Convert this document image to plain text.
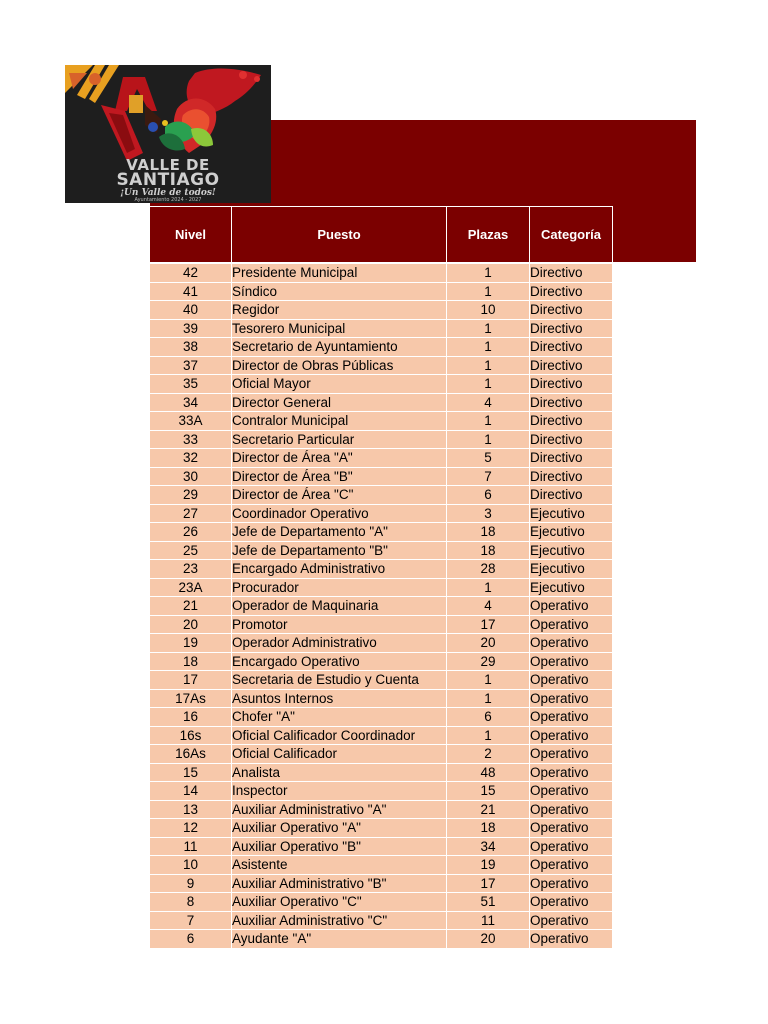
VALLE DE
SANTIAGO
¡Un Valle de todos!
Ayuntamiento 2024 - 2027
Nivel	Puesto	Plazas	Categoría
42	Presidente Municipal	1	Directivo
41	Síndico	1	Directivo
40	Regidor	10	Directivo
39	Tesorero Municipal	1	Directivo
38	Secretario de Ayuntamiento	1	Directivo
37	Director de Obras Públicas	1	Directivo
35	Oficial Mayor	1	Directivo
34	Director General	4	Directivo
33A	Contralor Municipal	1	Directivo
33	Secretario Particular	1	Directivo
32	Director de Área "A"	5	Directivo
30	Director de Área "B"	7	Directivo
29	Director de Área "C"	6	Directivo
27	Coordinador Operativo	3	Ejecutivo
26	Jefe de Departamento "A"	18	Ejecutivo
25	Jefe de Departamento "B"	18	Ejecutivo
23	Encargado Administrativo	28	Ejecutivo
23A	Procurador	1	Ejecutivo
21	Operador de Maquinaria	4	Operativo
20	Promotor	17	Operativo
19	Operador Administrativo	20	Operativo
18	Encargado Operativo	29	Operativo
17	Secretaria de Estudio y Cuenta	1	Operativo
17As	Asuntos Internos	1	Operativo
16	Chofer "A"	6	Operativo
16s	Oficial Calificador Coordinador	1	Operativo
16As	Oficial Calificador	2	Operativo
15	Analista	48	Operativo
14	Inspector	15	Operativo
13	Auxiliar Administrativo "A"	21	Operativo
12	Auxiliar Operativo "A"	18	Operativo
11	Auxiliar Operativo "B"	34	Operativo
10	Asistente	19	Operativo
9	Auxiliar Administrativo "B"	17	Operativo
8	Auxiliar Operativo "C"	51	Operativo
7	Auxiliar Administrativo "C"	11	Operativo
6	Ayudante "A"	20	Operativo
